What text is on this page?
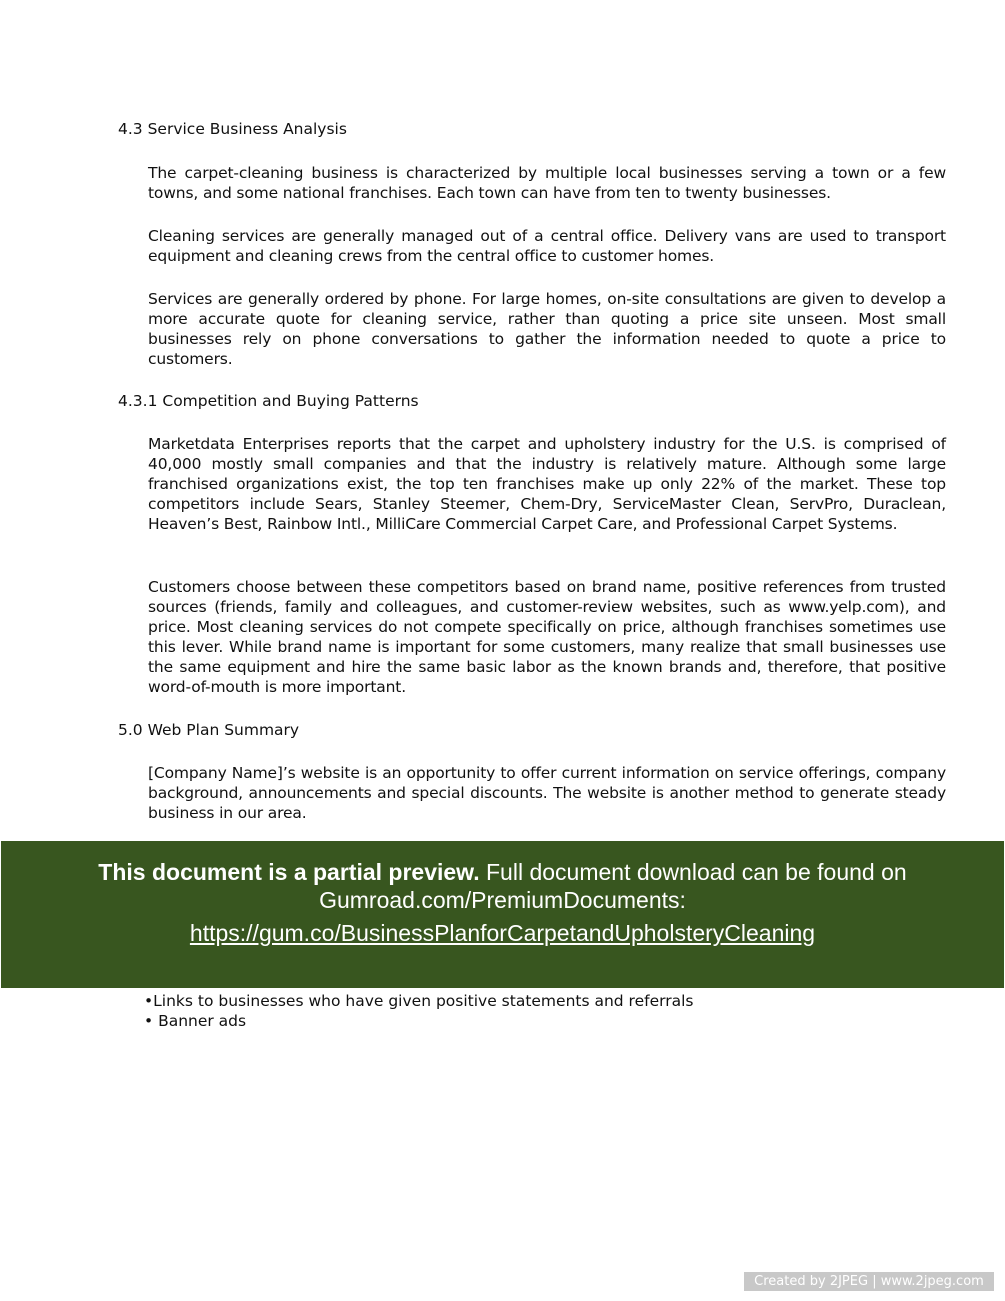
4.3 Service Business Analysis
The carpet-cleaning business is characterized by multiple local businesses serving a town or a few towns, and some national franchises. Each town can have from ten to twenty businesses.
Cleaning services are generally managed out of a central office. Delivery vans are used to transport equipment and cleaning crews from the central office to customer homes.
Services are generally ordered by phone. For large homes, on-site consultations are given to develop a more accurate quote for cleaning service, rather than quoting a price site unseen. Most small businesses rely on phone conversations to gather the information needed to quote a price to customers.
4.3.1 Competition and Buying Patterns
Marketdata Enterprises reports that the carpet and upholstery industry for the U.S. is comprised of 40,000 mostly small companies and that the industry is relatively mature. Although some large franchised organizations exist, the top ten franchises make up only 22% of the market. These top competitors include Sears, Stanley Steemer, Chem-Dry, ServiceMaster Clean, ServPro, Duraclean, Heaven’s Best, Rainbow Intl., MilliCare Commercial Carpet Care, and Professional Carpet Systems.
Customers choose between these competitors based on brand name, positive references from trusted sources (friends, family and colleagues, and customer-review websites, such as www.yelp.com), and price. Most cleaning services do not compete specifically on price, although franchises sometimes use this lever. While brand name is important for some customers, many realize that small businesses use the same equipment and hire the same basic labor as the known brands and, therefore, that positive word-of-mouth is more important.
5.0 Web Plan Summary
[Company Name]’s website is an opportunity to offer current information on service offerings, company background, announcements and special discounts. The website is another method to generate steady business in our area.
This document is a partial preview. Full document download can be found on Gumroad.com/PremiumDocuments:
https://gum.co/BusinessPlanforCarpetandUpholsteryCleaning
•Links to businesses who have given positive statements and referrals
• Banner ads
Created by 2JPEG | www.2jpeg.com
